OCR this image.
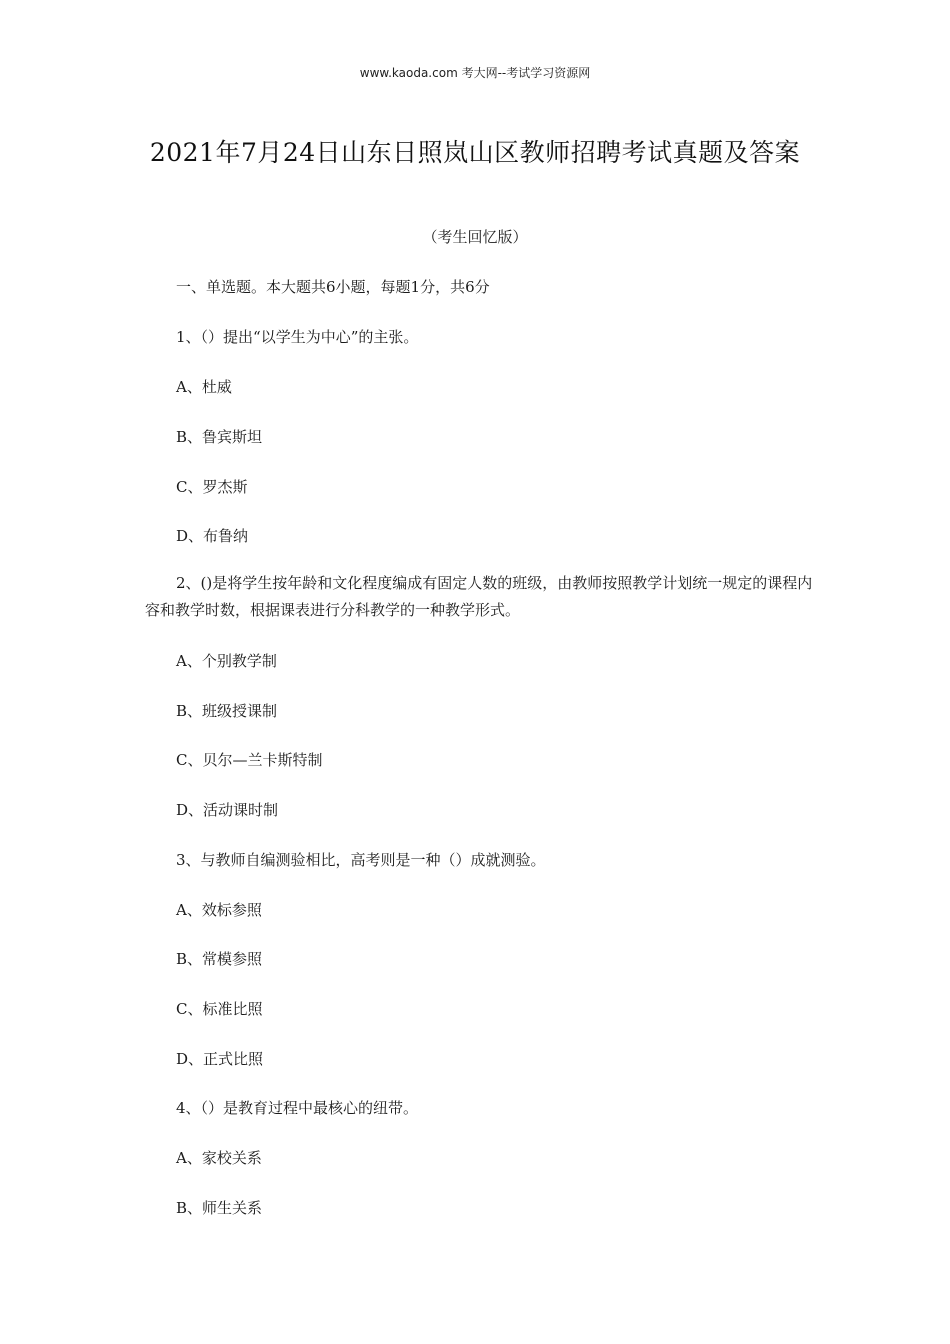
www.kaoda.com 考大网--考试学习资源网
2021年7月24日山东日照岚山区教师招聘考试真题及答案
（考生回忆版）
一、单选题。本大题共6小题，每题1分，共6分
1、（）提出“以学生为中心”的主张。
A、杜威
B、鲁宾斯坦
C、罗杰斯
D、布鲁纳
2、()是将学生按年龄和文化程度编成有固定人数的班级，由教师按照教学计划统一规定的课程内容和教学时数，根据课表进行分科教学的一种教学形式。
A、个别教学制
B、班级授课制
C、贝尔—兰卡斯特制
D、活动课时制
3、与教师自编测验相比，高考则是一种（）成就测验。
A、效标参照
B、常模参照
C、标准比照
D、正式比照
4、（）是教育过程中最核心的纽带。
A、家校关系
B、师生关系
